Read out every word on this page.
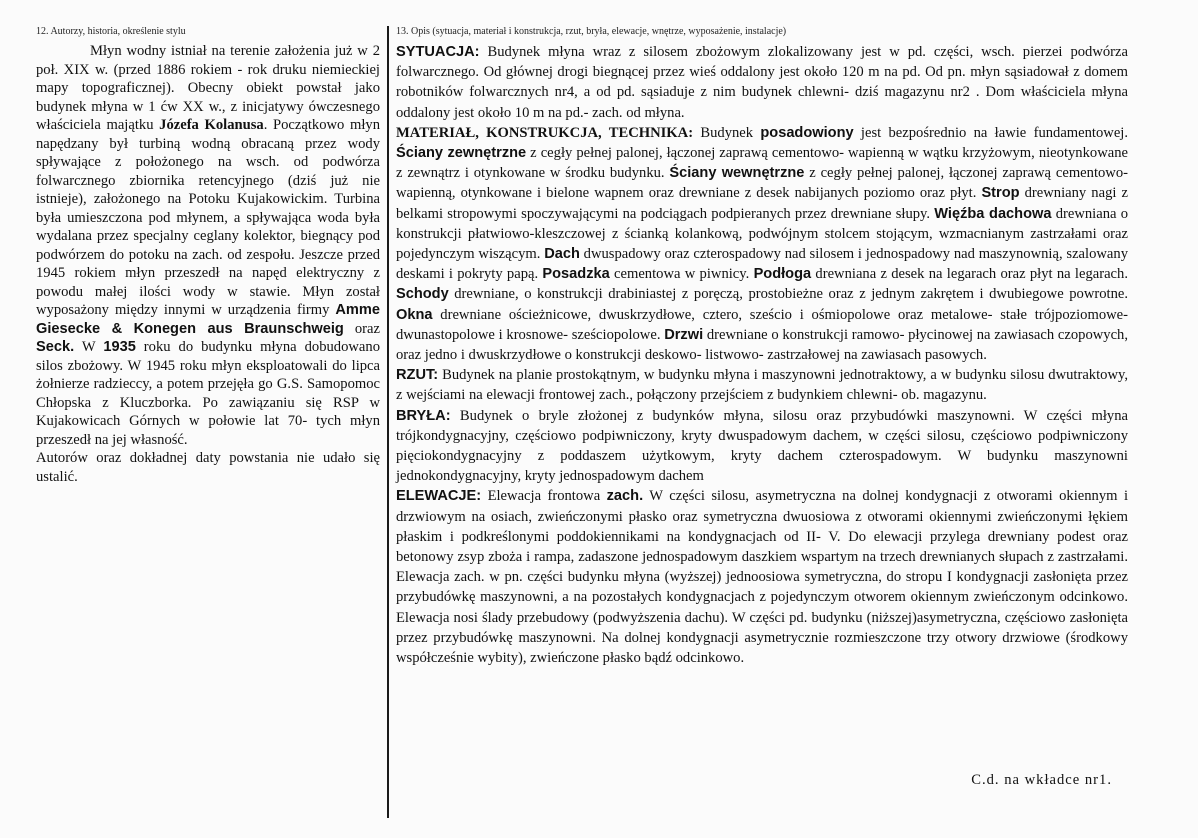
12. Autorzy, historia, określenie stylu

Młyn wodny istniał na terenie założenia już w 2 poł. XIX w. (przed 1886 rokiem - rok druku niemieckiej mapy topograficznej). Obecny obiekt powstał jako budynek młyna w 1 ćw XX w., z inicjatywy ówczesnego właściciela majątku Józefa Kolanusa. Początkowo młyn napędzany był turbiną wodną obracaną przez wody spływające z położonego na wsch. od podwórza folwarcznego zbiornika retencyjnego (dziś już nie istnieje), założonego na Potoku Kujakowickim. Turbina była umieszczona pod młynem, a spływająca woda była wydalana przez specjalny ceglany kolektor, biegnący pod podwórzem do potoku na zach. od zespołu. Jeszcze przed 1945 rokiem młyn przeszedł na napęd elektryczny z powodu małej ilości wody w stawie. Młyn został wyposażony między innymi w urządzenia firmy Amme Giesecke & Konegen aus Braunschweig oraz Seck. W 1935 roku do budynku młyna dobudowano silos zbożowy. W 1945 roku młyn eksploatowali do lipca żołnierze radzieccy, a potem przejęła go G.S. Samopomoc Chłopska z Kluczborka. Po zawiązaniu się RSP w Kujakowicach Górnych w połowie lat 70- tych młyn przeszedł na jej własność.

Autorów oraz dokładnej daty powstania nie udało się ustalić.

13. Opis (sytuacja, materiał i konstrukcja, rzut, bryła, elewacje, wnętrze, wyposażenie, instalacje)

SYTUACJA: Budynek młyna wraz z silosem zbożowym zlokalizowany jest w pd. części, wsch. pierzei podwórza folwarcznego. Od głównej drogi biegnącej przez wieś oddalony jest około 120 m na pd. Od pn. młyn sąsiadował z domem robotników folwarcznych nr4, a od pd. sąsiaduje z nim budynek chlewni- dziś magazynu nr2 . Dom właściciela młyna oddalony jest około 10 m na pd.- zach. od młyna.

MATERIAŁ, KONSTRUKCJA, TECHNIKA: Budynek posadowiony jest bezpośrednio na ławie fundamentowej. Ściany zewnętrzne z cegły pełnej palonej, łączonej zaprawą cementowo- wapienną w wątku krzyżowym, nieotynkowane z zewnątrz i otynkowane w środku budynku. Ściany wewnętrzne z cegły pełnej palonej, łączonej zaprawą cementowo- wapienną, otynkowane i bielone wapnem oraz drewniane z desek nabijanych poziomo oraz płyt. Strop drewniany nagi z belkami stropowymi spoczywającymi na podciągach podpieranych przez drewniane słupy. Więźba dachowa drewniana o konstrukcji płatwiowo-kleszczowej z ścianką kolankową, podwójnym stolcem stojącym, wzmacnianym zastrzałami oraz pojedynczym wiszącym. Dach dwuspadowy oraz czterospadowy nad silosem i jednospadowy nad maszynownią, szalowany deskami i pokryty papą. Posadzka cementowa w piwnicy. Podłoga drewniana z desek na legarach oraz płyt na legarach. Schody drewniane, o konstrukcji drabiniastej z poręczą, prostobieżne oraz z jednym zakrętem i dwubiegowe powrotne. Okna drewniane ościeżnicowe, dwuskrzydłowe, cztero, sześcio i ośmiopolowe oraz metalowe- stałe trójpoziomowe- dwunastopolowe i krosnowe- sześciopolowe. Drzwi drewniane o konstrukcji ramowo- płycinowej na zawiasach czopowych, oraz jedno i dwuskrzydłowe o konstrukcji deskowo- listwowo- zastrzałowej na zawiasach pasowych.

RZUT: Budynek na planie prostokątnym, w budynku młyna i maszynowni jednotraktowy, a w budynku silosu dwutraktowy, z wejściami na elewacji frontowej zach., połączony przejściem z budynkiem chlewni- ob. magazynu.

BRYŁA: Budynek o bryle złożonej z budynków młyna, silosu oraz przybudówki maszynowni. W części młyna trójkondygnacyjny, częściowo podpiwniczony, kryty dwuspadowym dachem, w części silosu, częściowo podpiwniczony pięciokondygnacyjny z poddaszem użytkowym, kryty dachem czterospadowym. W budynku maszynowni jednokondygnacyjny, kryty jednospadowym dachem

ELEWACJE: Elewacja frontowa zach. W części silosu, asymetryczna na dolnej kondygnacji z otworami okiennym i drzwiowym na osiach, zwieńczonymi płasko oraz symetryczna dwuosiowa z otworami okiennymi zwieńczonymi łękiem płaskim i podkreślonymi poddokiennikami na kondygnacjach od II- V. Do elewacji przylega drewniany podest oraz betonowy zsyp zboża i rampa, zadaszone jednospadowym daszkiem wspartym na trzech drewnianych słupach z zastrzałami. Elewacja zach. w pn. części budynku młyna (wyższej) jednoosiowa symetryczna, do stropu I kondygnacji zasłonięta przez przybudówkę maszynowni, a na pozostałych kondygnacjach z pojedynczym otworem okiennym zwieńczonym odcinkowo. Elewacja nosi ślady przebudowy (podwyższenia dachu). W części pd. budynku (niższej)asymetryczna, częściowo zasłonięta przez przybudówkę maszynowni. Na dolnej kondygnacji asymetrycznie rozmieszczone trzy otwory drzwiowe (środkowy współcześnie wybity), zwieńczone płasko bądź odcinkowo.

C.d. na wkładce nr1.
